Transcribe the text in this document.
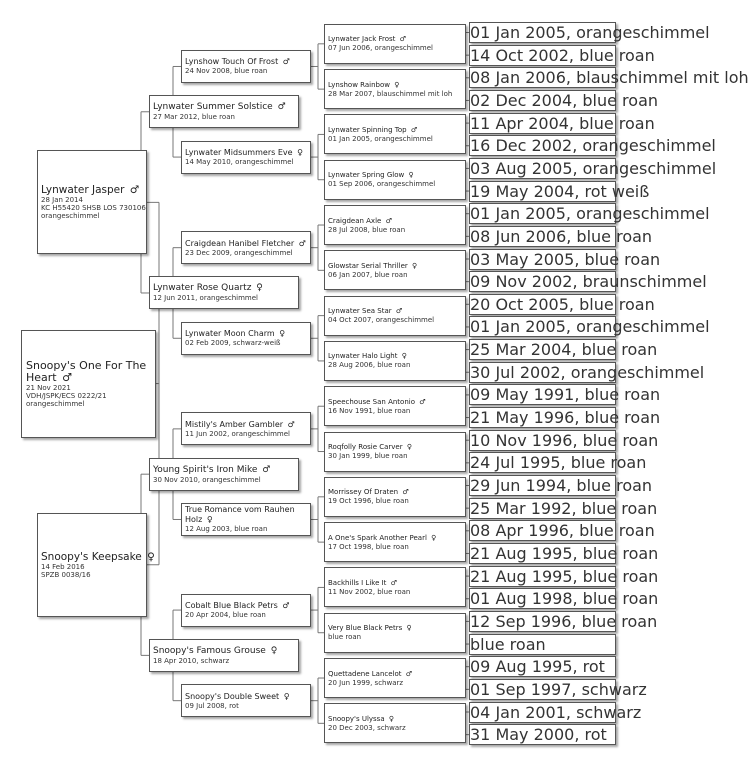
Snoopy's One For The Heart ♂
21 Nov 2021
VDH/JSPK/ECS 0222/21
orangeschimmel
Lynwater Jasper ♂
28 Jan 2014
KC H55420 SHSB LOS 730106
orangeschimmel
Snoopy's Keepsake ♀
14 Feb 2016
SPZB 0038/16
Lynwater Summer Solstice ♂
27 Mar 2012, blue roan
Lynwater Rose Quartz ♀
12 Jun 2011, orangeschimmel
Young Spirit's Iron Mike ♂
30 Nov 2010, orangeschimmel
Snoopy's Famous Grouse ♀
18 Apr 2010, schwarz
Lynshow Touch Of Frost ♂
24 Nov 2008, blue roan
Lynwater Midsummers Eve ♀
14 May 2010, orangeschimmel
Craigdean Hanibel Fletcher ♂
23 Dec 2009, orangeschimmel
Lynwater Moon Charm ♀
02 Feb 2009, schwarz-weiß
Mistily's Amber Gambler ♂
11 Jun 2002, orangeschimmel
True Romance vom Rauhen Holz ♀
12 Aug 2003, blue roan
Cobalt Blue Black Petrs ♂
20 Apr 2004, blue roan
Snoopy's Double Sweet ♀
09 Jul 2008, rot
Lynwater Jack Frost ♂
07 Jun 2006, orangeschimmel
Lynshow Rainbow ♀
28 Mar 2007, blauschimmel mit loh
Lynwater Spinning Top ♂
01 Jan 2005, orangeschimmel
Lynwater Spring Glow ♀
01 Sep 2006, orangeschimmel
Craigdean Axle ♂
28 Jul 2008, blue roan
Glowstar Serial Thriller ♀
06 Jan 2007, blue roan
Lynwater Sea Star ♂
04 Oct 2007, orangeschimmel
Lynwater Halo Light ♀
28 Aug 2006, blue roan
Speechouse San Antonio ♂
16 Nov 1991, blue roan
Roqfolly Rosie Carver ♀
30 Jan 1999, blue roan
Morrissey Of Draten ♂
19 Oct 1996, blue roan
A One's Spark Another Pearl ♀
17 Oct 1998, blue roan
Backhills I Like It ♂
11 Nov 2002, blue roan
Very Blue Black Petrs ♀
blue roan
Quettadene Lancelot ♂
20 Jun 1999, schwarz
Snoopy's Ulyssa ♀
20 Dec 2003, schwarz
01 Jan 2005, orangeschimmel
14 Oct 2002, blue roan
08 Jan 2006, blauschimmel mit loh
02 Dec 2004, blue roan
11 Apr 2004, blue roan
16 Dec 2002, orangeschimmel
03 Aug 2005, orangeschimmel
19 May 2004, rot weiß
01 Jan 2005, orangeschimmel
08 Jun 2006, blue roan
03 May 2005, blue roan
09 Nov 2002, braunschimmel
20 Oct 2005, blue roan
01 Jan 2005, orangeschimmel
25 Mar 2004, blue roan
30 Jul 2002, orangeschimmel
09 May 1991, blue roan
21 May 1996, blue roan
10 Nov 1996, blue roan
24 Jul 1995, blue roan
29 Jun 1994, blue roan
25 Mar 1992, blue roan
08 Apr 1996, blue roan
21 Aug 1995, blue roan
21 Aug 1995, blue roan
01 Aug 1998, blue roan
12 Sep 1996, blue roan
blue roan
09 Aug 1995, rot
01 Sep 1997, schwarz
04 Jan 2001, schwarz
31 May 2000, rot
